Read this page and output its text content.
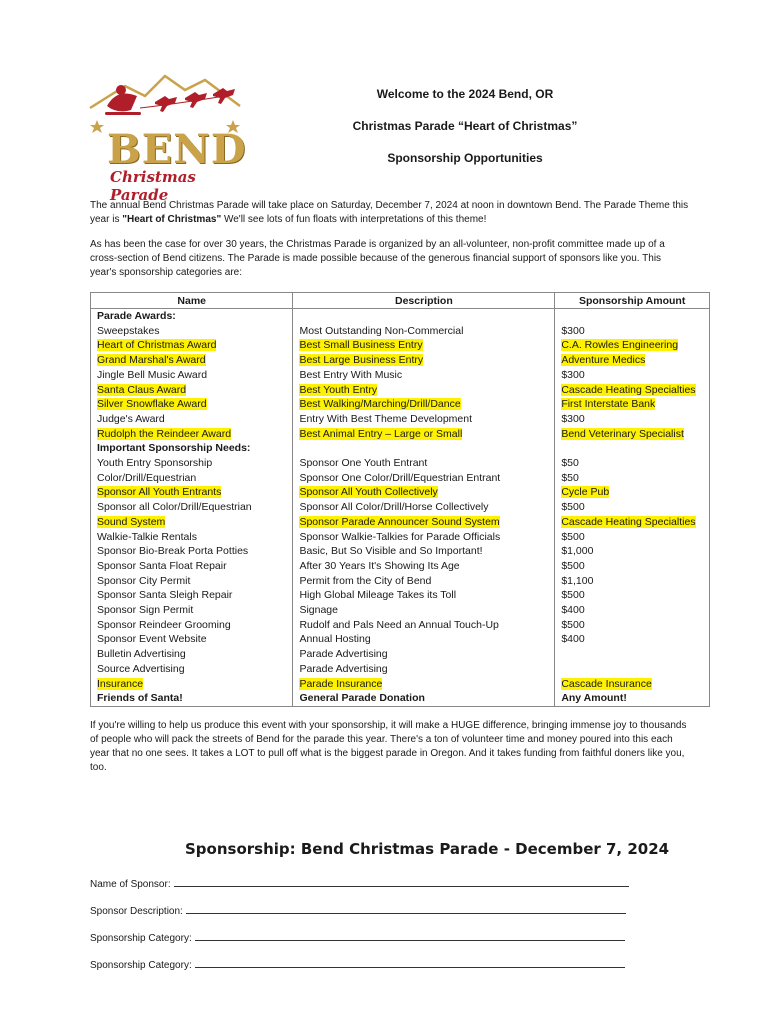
BEND
Christmas Parade
Welcome to the 2024 Bend, OR
Christmas Parade “Heart of Christmas”
Sponsorship Opportunities
The annual Bend Christmas Parade will take place on Saturday, December 7, 2024 at noon in downtown Bend. The Parade Theme this year is "Heart of Christmas" We'll see lots of fun floats with interpretations of this theme!
As has been the case for over 30 years, the Christmas Parade is organized by an all-volunteer, non-profit committee made up of a cross-section of Bend citizens. The Parade is made possible because of the generous financial support of sponsors like you. This year's sponsorship categories are:
Name	Description	Sponsorship Amount
Parade Awards:		
Sweepstakes	Most Outstanding Non-Commercial	$300
Heart of Christmas Award	Best Small Business Entry	C.A. Rowles Engineering
Grand Marshal's Award	Best Large Business Entry	Adventure Medics
Jingle Bell Music Award	Best Entry With Music	$300
Santa Claus Award	Best Youth Entry	Cascade Heating Specialties
Silver Snowflake Award	Best Walking/Marching/Drill/Dance	First Interstate Bank
Judge's Award	Entry With Best Theme Development	$300
Rudolph the Reindeer Award	Best Animal Entry – Large or Small	Bend Veterinary Specialist
Important Sponsorship Needs:		
Youth Entry Sponsorship	Sponsor One Youth Entrant	$50
Color/Drill/Equestrian	Sponsor One Color/Drill/Equestrian Entrant	$50
Sponsor All Youth Entrants	Sponsor All Youth Collectively	Cycle Pub
Sponsor all Color/Drill/Equestrian	Sponsor All Color/Drill/Horse Collectively	$500
Sound System	Sponsor Parade Announcer Sound System	Cascade Heating Specialties
Walkie-Talkie Rentals	Sponsor Walkie-Talkies for Parade Officials	$500
Sponsor Bio-Break Porta Potties	Basic, But So Visible and So Important!	$1,000
Sponsor Santa Float Repair	After 30 Years It's Showing Its Age	$500
Sponsor City Permit	Permit from the City of Bend	$1,100
Sponsor Santa Sleigh Repair	High Global Mileage Takes its Toll	$500
Sponsor Sign Permit	Signage	$400
Sponsor Reindeer Grooming	Rudolf and Pals Need an Annual Touch-Up	$500
Sponsor Event Website	Annual Hosting	$400
Bulletin Advertising	Parade Advertising	
Source Advertising	Parade Advertising	
Insurance	Parade Insurance	Cascade Insurance
Friends of Santa!	General Parade Donation	Any Amount!
If you're willing to help us produce this event with your sponsorship, it will make a HUGE difference, bringing immense joy to thousands of people who will pack the streets of Bend for the parade this year. There's a ton of volunteer time and money poured into this each year that no one sees. It takes a LOT to pull off what is the biggest parade in Oregon. And it takes funding from faithful doners like you, too.
Sponsorship: Bend Christmas Parade - December 7, 2024
Name of Sponsor:
Sponsor Description:
Sponsorship Category:
Sponsorship Category:
